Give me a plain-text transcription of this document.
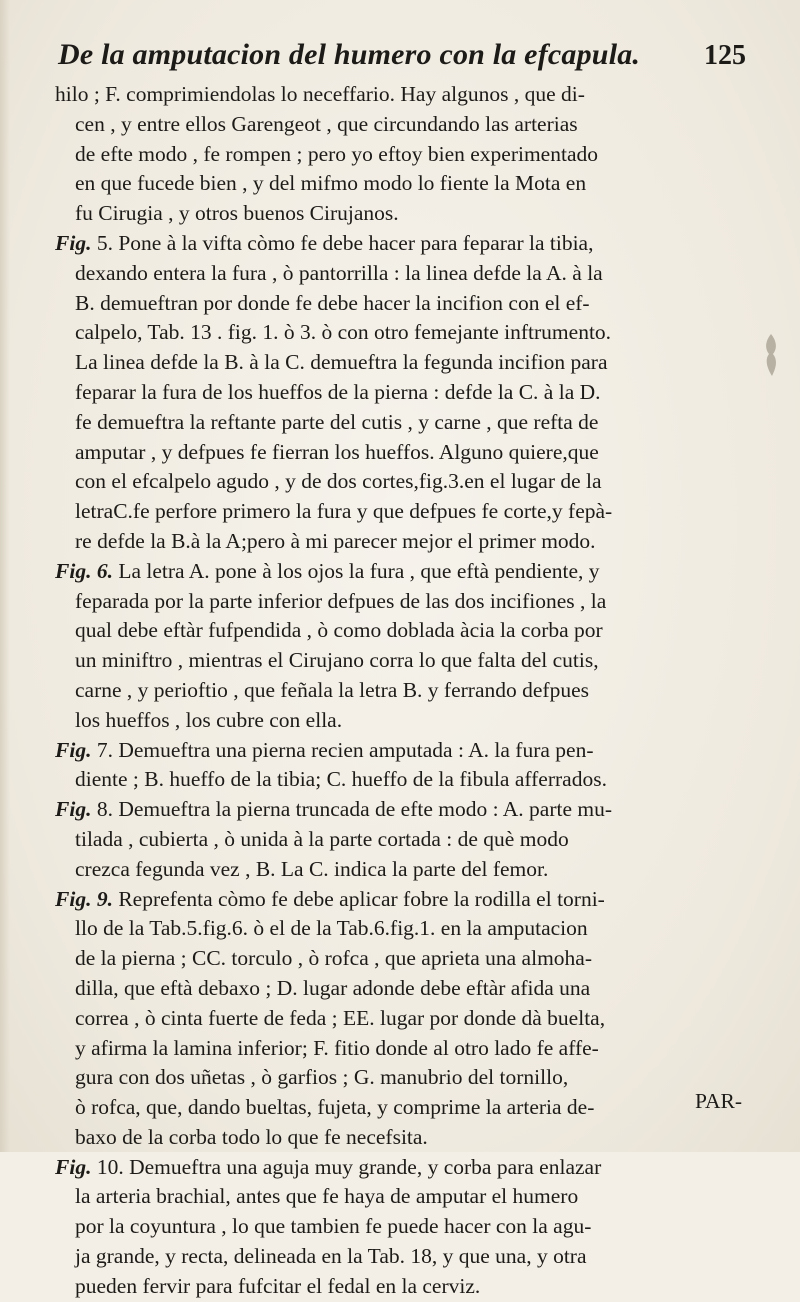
De la amputacion del humero con la efcapula. 125
hilo ; F. comprimiendolas lo neceffario. Hay algunos , que di-
cen , y entre ellos Garengeot , que circundando las arterias
de efte modo , fe rompen ; pero yo eftoy bien experimentado
en que fucede bien , y del mifmo modo lo fiente la Mota en
fu Cirugia , y otros buenos Cirujanos.
Fig. 5. Pone à la vifta còmo fe debe hacer para feparar la tibia,
dexando entera la fura , ò pantorrilla : la linea defde la A. à la
B. demueftran por donde fe debe hacer la incifion con el ef-
calpelo, Tab. 13 . fig. 1. ò 3. ò con otro femejante inftrumento.
La linea defde la B. à la C. demueftra la fegunda incifion para
feparar la fura de los hueffos de la pierna : defde la C. à la D.
fe demueftra la reftante parte del cutis , y carne , que refta de
amputar , y defpues fe fierran los hueffos. Alguno quiere,que
con el efcalpelo agudo , y de dos cortes,fig.3.en el lugar de la
letraC.fe perfore primero la fura y que defpues fe corte,y fepà-
re defde la B.à la A;pero à mi parecer mejor el primer modo.
Fig. 6. La letra A. pone à los ojos la fura , que eftà pendiente, y
feparada por la parte inferior defpues de las dos incifiones , la
qual debe eftàr fufpendida , ò como doblada àcia la corba por
un miniftro , mientras el Cirujano corra lo que falta del cutis,
carne , y perioftio , que feñala la letra B. y ferrando defpues
los hueffos , los cubre con ella.
Fig. 7. Demueftra una pierna recien amputada : A. la fura pen-
diente ; B. hueffo de la tibia; C. hueffo de la fibula afferrados.
Fig. 8. Demueftra la pierna truncada de efte modo : A. parte mu-
tilada , cubierta , ò unida à la parte cortada : de què modo
crezca fegunda vez , B. La C. indica la parte del femor.
Fig. 9. Reprefenta còmo fe debe aplicar fobre la rodilla el torni-
llo de la Tab.5.fig.6. ò el de la Tab.6.fig.1. en la amputacion
de la pierna ; CC. torculo , ò rofca , que aprieta una almoha-
dilla, que eftà debaxo ; D. lugar adonde debe eftàr afida una
correa , ò cinta fuerte de feda ; EE. lugar por donde dà buelta,
y afirma la lamina inferior; F. fitio donde al otro lado fe affe-
gura con dos uñetas , ò garfios ; G. manubrio del tornillo,
ò rofca, que, dando bueltas, fujeta, y comprime la arteria de-
baxo de la corba todo lo que fe necefsita.
Fig. 10. Demueftra una aguja muy grande, y corba para enlazar
la arteria brachial, antes que fe haya de amputar el humero
por la coyuntura , lo que tambien fe puede hacer con la agu-
ja grande, y recta, delineada en la Tab. 18, y que una, y otra
pueden fervir para fufcitar el fedal en la cerviz.
PAR-
